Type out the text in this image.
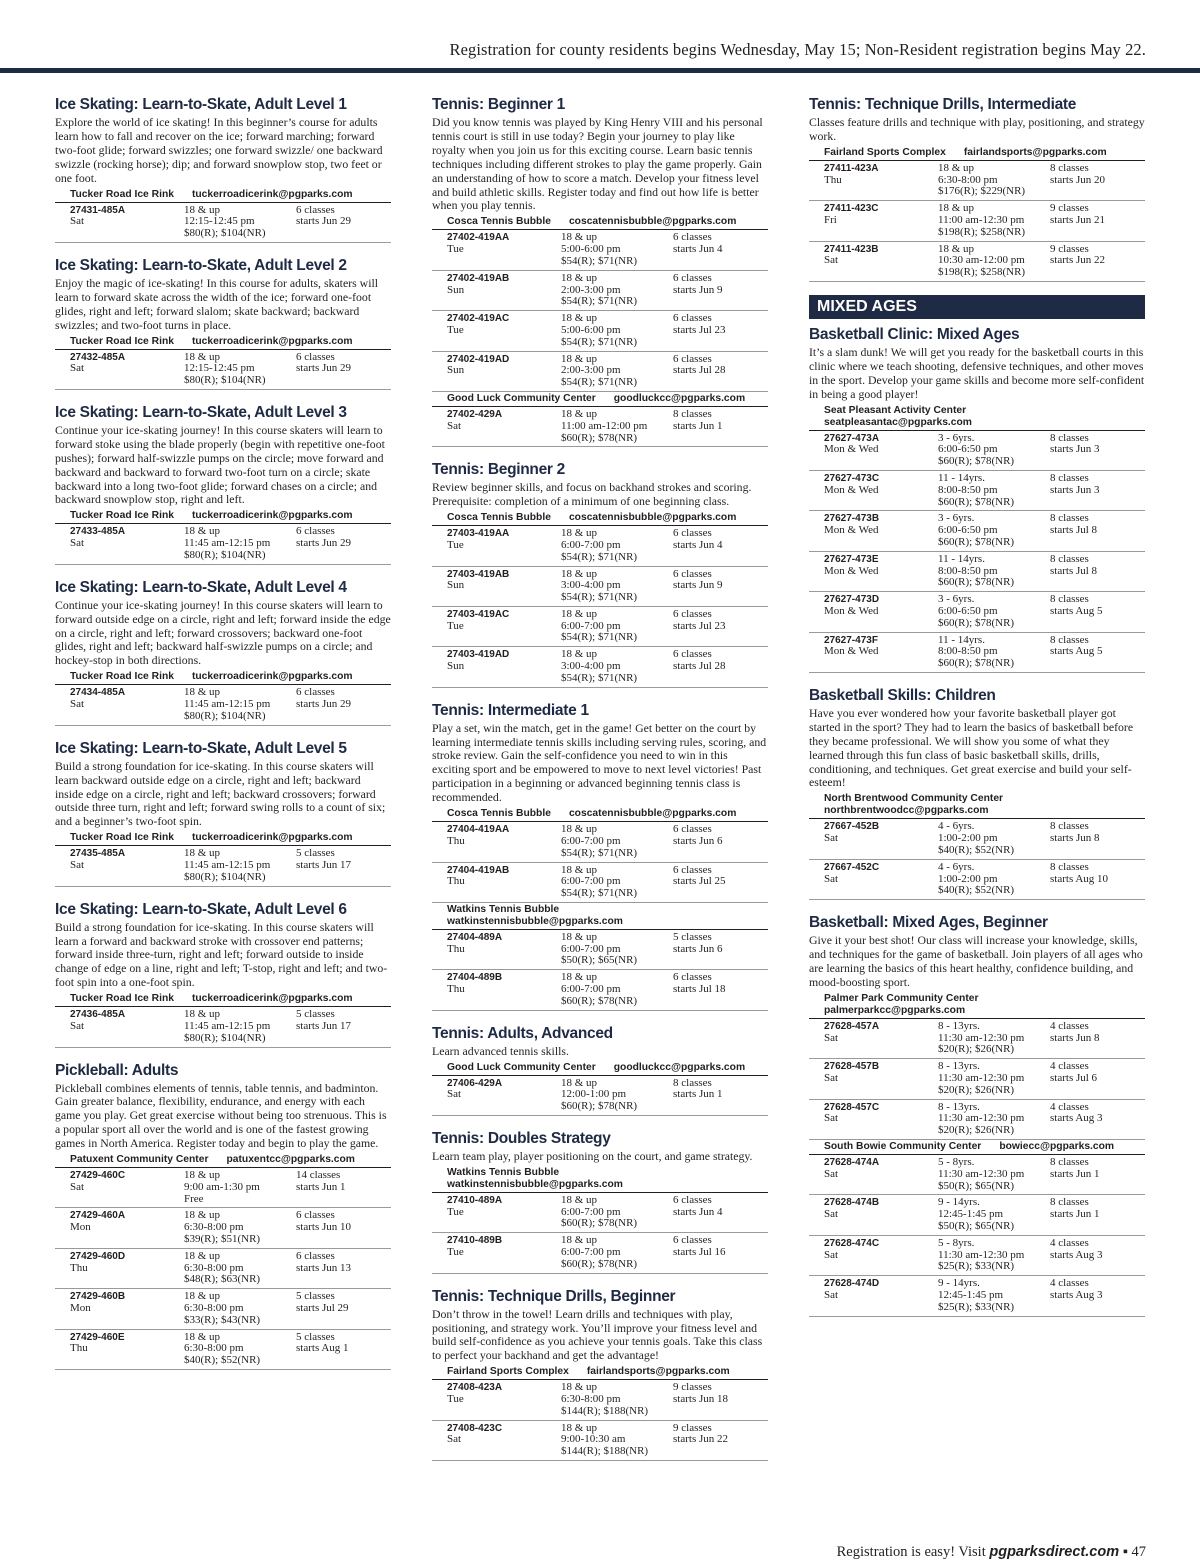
Registration for county residents begins Wednesday, May 15; Non-Resident registration begins May 22.
Ice Skating: Learn-to-Skate, Adult Level 1
Explore the world of ice skating! In this beginner’s course for adults learn how to fall and recover on the ice; forward marching; forward two-foot glide; forward swizzles; one forward swizzle/ one backward swizzle (rocking horse); dip; and forward snowplow stop, two feet or one foot.
Tucker Road Ice Rink tuckerroadicerink@pgparks.com
27431-485A
Sat
18 & up
12:15-12:45 pm
$80(R); $104(NR)
6 classes
starts Jun 29
Ice Skating: Learn-to-Skate, Adult Level 2
Enjoy the magic of ice-skating! In this course for adults, skaters will learn to forward skate across the width of the ice; forward one-foot glides, right and left; forward slalom; skate backward; backward swizzles; and two-foot turns in place.
Tucker Road Ice Rink tuckerroadicerink@pgparks.com
27432-485A
Sat
18 & up
12:15-12:45 pm
$80(R); $104(NR)
6 classes
starts Jun 29
Ice Skating: Learn-to-Skate, Adult Level 3
Continue your ice-skating journey! In this course skaters will learn to forward stoke using the blade properly (begin with repetitive one-foot pushes); forward half-swizzle pumps on the circle; move forward and backward and backward to forward two-foot turn on a circle; skate backward into a long two-foot glide; forward chases on a circle; and backward snowplow stop, right and left.
Tucker Road Ice Rink tuckerroadicerink@pgparks.com
27433-485A
Sat
18 & up
11:45 am-12:15 pm
$80(R); $104(NR)
6 classes
starts Jun 29
Ice Skating: Learn-to-Skate, Adult Level 4
Continue your ice-skating journey! In this course skaters will learn to forward outside edge on a circle, right and left; forward inside the edge on a circle, right and left; forward crossovers; backward one-foot glides, right and left; backward half-swizzle pumps on a circle; and hockey-stop in both directions.
Tucker Road Ice Rink tuckerroadicerink@pgparks.com
27434-485A
Sat
18 & up
11:45 am-12:15 pm
$80(R); $104(NR)
6 classes
starts Jun 29
Ice Skating: Learn-to-Skate, Adult Level 5
Build a strong foundation for ice-skating. In this course skaters will learn backward outside edge on a circle, right and left; backward inside edge on a circle, right and left; backward crossovers; forward outside three turn, right and left; forward swing rolls to a count of six; and a beginner’s two-foot spin.
Tucker Road Ice Rink tuckerroadicerink@pgparks.com
27435-485A
Sat
18 & up
11:45 am-12:15 pm
$80(R); $104(NR)
5 classes
starts Jun 17
Ice Skating: Learn-to-Skate, Adult Level 6
Build a strong foundation for ice-skating. In this course skaters will learn a forward and backward stroke with crossover end patterns; forward inside three-turn, right and left; forward outside to inside change of edge on a line, right and left; T-stop, right and left; and two-foot spin into a one-foot spin.
Tucker Road Ice Rink tuckerroadicerink@pgparks.com
27436-485A
Sat
18 & up
11:45 am-12:15 pm
$80(R); $104(NR)
5 classes
starts Jun 17
Pickleball: Adults
Pickleball combines elements of tennis, table tennis, and badminton. Gain greater balance, flexibility, endurance, and energy with each game you play. Get great exercise without being too strenuous. This is a popular sport all over the world and is one of the fastest growing games in North America. Register today and begin to play the game.
Patuxent Community Center patuxentcc@pgparks.com
27429-460C
Sat
18 & up
9:00 am-1:30 pm
Free
14 classes
starts Jun 1
27429-460A
Mon
18 & up
6:30-8:00 pm
$39(R); $51(NR)
6 classes
starts Jun 10
27429-460D
Thu
18 & up
6:30-8:00 pm
$48(R); $63(NR)
6 classes
starts Jun 13
27429-460B
Mon
18 & up
6:30-8:00 pm
$33(R); $43(NR)
5 classes
starts Jul 29
27429-460E
Thu
18 & up
6:30-8:00 pm
$40(R); $52(NR)
5 classes
starts Aug 1
Tennis: Beginner 1
Did you know tennis was played by King Henry VIII and his personal tennis court is still in use today? Begin your journey to play like royalty when you join us for this exciting course. Learn basic tennis techniques including different strokes to play the game properly. Gain an understanding of how to score a match. Develop your fitness level and build athletic skills. Register today and find out how life is better when you play tennis.
Cosca Tennis Bubble coscatennisbubble@pgparks.com
27402-419AA
Tue
18 & up
5:00-6:00 pm
$54(R); $71(NR)
6 classes
starts Jun 4
27402-419AB
Sun
18 & up
2:00-3:00 pm
$54(R); $71(NR)
6 classes
starts Jun 9
27402-419AC
Tue
18 & up
5:00-6:00 pm
$54(R); $71(NR)
6 classes
starts Jul 23
27402-419AD
Sun
18 & up
2:00-3:00 pm
$54(R); $71(NR)
6 classes
starts Jul 28
Good Luck Community Center goodluckcc@pgparks.com
27402-429A
Sat
18 & up
11:00 am-12:00 pm
$60(R); $78(NR)
8 classes
starts Jun 1
Tennis: Beginner 2
Review beginner skills, and focus on backhand strokes and scoring. Prerequisite: completion of a minimum of one beginning class.
Cosca Tennis Bubble coscatennisbubble@pgparks.com
27403-419AA
Tue
18 & up
6:00-7:00 pm
$54(R); $71(NR)
6 classes
starts Jun 4
27403-419AB
Sun
18 & up
3:00-4:00 pm
$54(R); $71(NR)
6 classes
starts Jun 9
27403-419AC
Tue
18 & up
6:00-7:00 pm
$54(R); $71(NR)
6 classes
starts Jul 23
27403-419AD
Sun
18 & up
3:00-4:00 pm
$54(R); $71(NR)
6 classes
starts Jul 28
Tennis: Intermediate 1
Play a set, win the match, get in the game! Get better on the court by learning intermediate tennis skills including serving rules, scoring, and stroke review. Gain the self-confidence you need to win in this exciting sport and be empowered to move to next level victories! Past participation in a beginning or advanced beginning tennis class is recommended.
Cosca Tennis Bubble coscatennisbubble@pgparks.com
27404-419AA
Thu
18 & up
6:00-7:00 pm
$54(R); $71(NR)
6 classes
starts Jun 6
27404-419AB
Thu
18 & up
6:00-7:00 pm
$54(R); $71(NR)
6 classes
starts Jul 25
Watkins Tennis Bubble
watkinstennisbubble@pgparks.com
27404-489A
Thu
18 & up
6:00-7:00 pm
$50(R); $65(NR)
5 classes
starts Jun 6
27404-489B
Thu
18 & up
6:00-7:00 pm
$60(R); $78(NR)
6 classes
starts Jul 18
Tennis: Adults, Advanced
Learn advanced tennis skills.
Good Luck Community Center goodluckcc@pgparks.com
27406-429A
Sat
18 & up
12:00-1:00 pm
$60(R); $78(NR)
8 classes
starts Jun 1
Tennis: Doubles Strategy
Learn team play, player positioning on the court, and game strategy.
Watkins Tennis Bubble
watkinstennisbubble@pgparks.com
27410-489A
Tue
18 & up
6:00-7:00 pm
$60(R); $78(NR)
6 classes
starts Jun 4
27410-489B
Tue
18 & up
6:00-7:00 pm
$60(R); $78(NR)
6 classes
starts Jul 16
Tennis: Technique Drills, Beginner
Don’t throw in the towel! Learn drills and techniques with play, positioning, and strategy work. You’ll improve your fitness level and build self-confidence as you achieve your tennis goals. Take this class to perfect your backhand and get the advantage!
Fairland Sports Complex fairlandsports@pgparks.com
27408-423A
Tue
18 & up
6:30-8:00 pm
$144(R); $188(NR)
9 classes
starts Jun 18
27408-423C
Sat
18 & up
9:00-10:30 am
$144(R); $188(NR)
9 classes
starts Jun 22
Tennis: Technique Drills, Intermediate
Classes feature drills and technique with play, positioning, and strategy work.
Fairland Sports Complex fairlandsports@pgparks.com
27411-423A
Thu
18 & up
6:30-8:00 pm
$176(R); $229(NR)
8 classes
starts Jun 20
27411-423C
Fri
18 & up
11:00 am-12:30 pm
$198(R); $258(NR)
9 classes
starts Jun 21
27411-423B
Sat
18 & up
10:30 am-12:00 pm
$198(R); $258(NR)
9 classes
starts Jun 22
MIXED AGES
Basketball Clinic: Mixed Ages
It’s a slam dunk! We will get you ready for the basketball courts in this clinic where we teach shooting, defensive techniques, and other moves in the sport. Develop your game skills and become more self-confident in being a good player!
Seat Pleasant Activity Center
seatpleasantac@pgparks.com
27627-473A
Mon & Wed
3 - 6yrs.
6:00-6:50 pm
$60(R); $78(NR)
8 classes
starts Jun 3
27627-473C
Mon & Wed
11 - 14yrs.
8:00-8:50 pm
$60(R); $78(NR)
8 classes
starts Jun 3
27627-473B
Mon & Wed
3 - 6yrs.
6:00-6:50 pm
$60(R); $78(NR)
8 classes
starts Jul 8
27627-473E
Mon & Wed
11 - 14yrs.
8:00-8:50 pm
$60(R); $78(NR)
8 classes
starts Jul 8
27627-473D
Mon & Wed
3 - 6yrs.
6:00-6:50 pm
$60(R); $78(NR)
8 classes
starts Aug 5
27627-473F
Mon & Wed
11 - 14yrs.
8:00-8:50 pm
$60(R); $78(NR)
8 classes
starts Aug 5
Basketball Skills: Children
Have you ever wondered how your favorite basketball player got started in the sport? They had to learn the basics of basketball before they became professional. We will show you some of what they learned through this fun class of basic basketball skills, drills, conditioning, and techniques. Get great exercise and build your self-esteem!
North Brentwood Community Center
northbrentwoodcc@pgparks.com
27667-452B
Sat
4 - 6yrs.
1:00-2:00 pm
$40(R); $52(NR)
8 classes
starts Jun 8
27667-452C
Sat
4 - 6yrs.
1:00-2:00 pm
$40(R); $52(NR)
8 classes
starts Aug 10
Basketball: Mixed Ages, Beginner
Give it your best shot! Our class will increase your knowledge, skills, and techniques for the game of basketball. Join players of all ages who are learning the basics of this heart healthy, confidence building, and mood-boosting sport.
Palmer Park Community Center
palmerparkcc@pgparks.com
27628-457A
Sat
8 - 13yrs.
11:30 am-12:30 pm
$20(R); $26(NR)
4 classes
starts Jun 8
27628-457B
Sat
8 - 13yrs.
11:30 am-12:30 pm
$20(R); $26(NR)
4 classes
starts Jul 6
27628-457C
Sat
8 - 13yrs.
11:30 am-12:30 pm
$20(R); $26(NR)
4 classes
starts Aug 3
South Bowie Community Center bowiecc@pgparks.com
27628-474A
Sat
5 - 8yrs.
11:30 am-12:30 pm
$50(R); $65(NR)
8 classes
starts Jun 1
27628-474B
Sat
9 - 14yrs.
12:45-1:45 pm
$50(R); $65(NR)
8 classes
starts Jun 1
27628-474C
Sat
5 - 8yrs.
11:30 am-12:30 pm
$25(R); $33(NR)
4 classes
starts Aug 3
27628-474D
Sat
9 - 14yrs.
12:45-1:45 pm
$25(R); $33(NR)
4 classes
starts Aug 3
Registration is easy! Visit pgparksdirect.com ▪ 47
